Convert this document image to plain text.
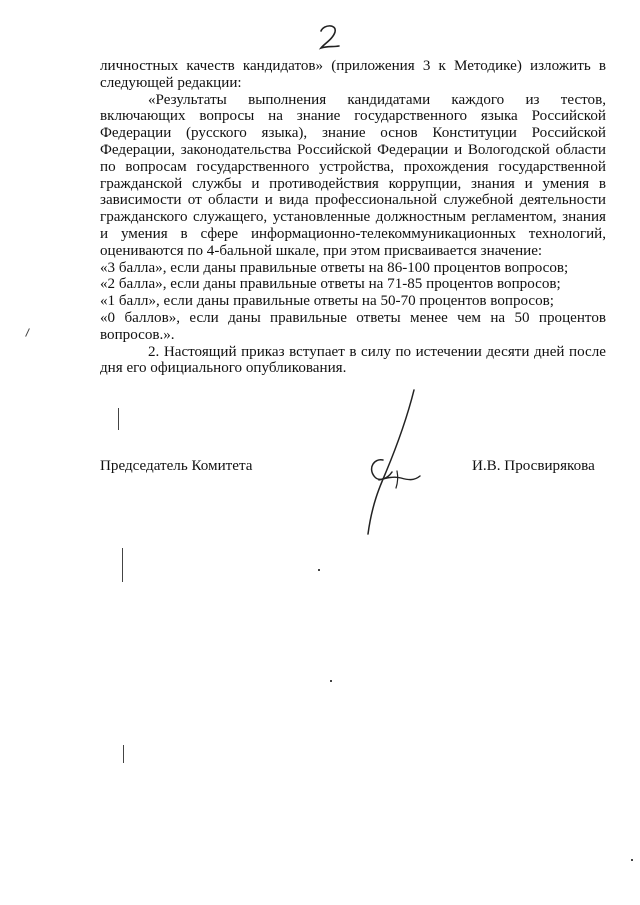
личностных качеств кандидатов» (приложения 3 к Методике) изложить в следующей редакции:

«Результаты выполнения кандидатами каждого из тестов, включающих вопросы на знание государственного языка Российской Федерации (русского языка), знание основ Конституции Российской Федерации, законодательства Российской Федерации и Вологодской области по вопросам государственного устройства, прохождения государственной гражданской службы и противодействия коррупции, знания и умения в зависимости от области и вида профессиональной служебной деятельности гражданского служащего, установленные должностным регламентом, знания и умения в сфере информационно-телекоммуникационных технологий, оцениваются по 4-бальной шкале, при этом присваивается значение:

«3 балла», если даны правильные ответы на 86-100 процентов вопросов;

«2 балла», если даны правильные ответы на 71-85 процентов вопросов;

«1 балл», если даны правильные ответы на 50-70 процентов вопросов;

«0 баллов», если даны правильные ответы менее чем на 50 процентов вопросов.».

2. Настоящий приказ вступает в силу по истечении десяти дней после дня его официального опубликования.

Председатель Комитета	И.В. Просвирякова
